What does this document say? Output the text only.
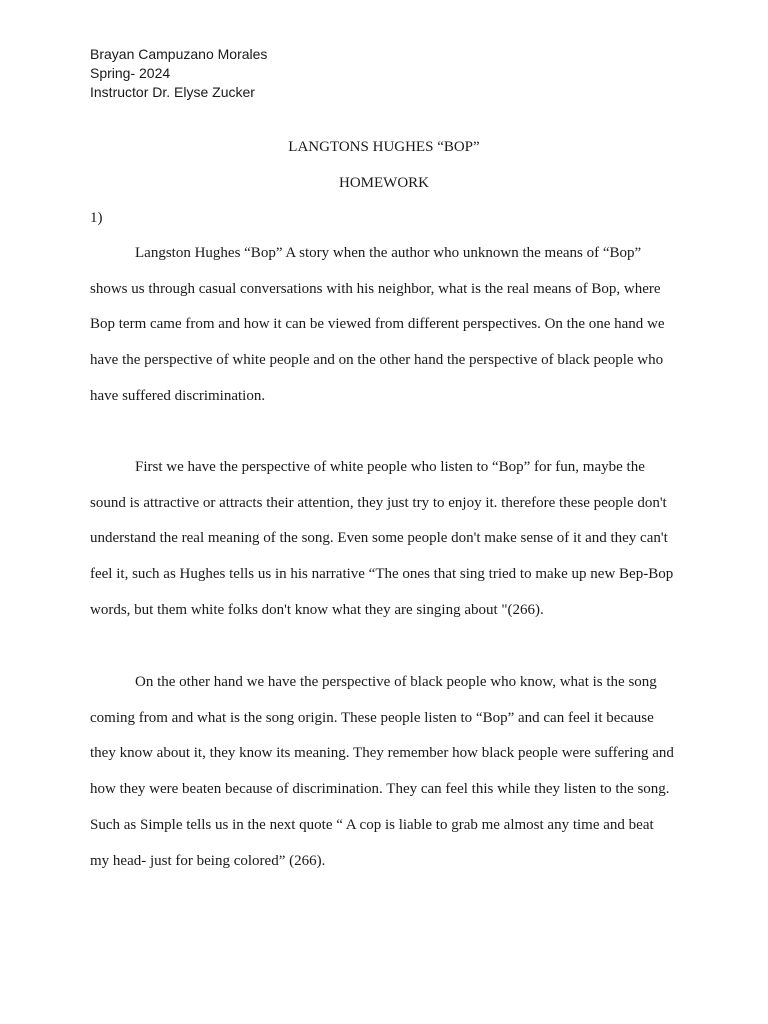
Brayan Campuzano Morales
Spring- 2024
Instructor Dr. Elyse Zucker
LANGTONS HUGHES “BOP”
HOMEWORK
1)
Langston Hughes “Bop” A story when the author who unknown the means of “Bop”
shows us through casual conversations with his neighbor, what is the real means of Bop, where
Bop term came from and how it can be viewed from different perspectives. On the one hand we
have the perspective of white people and on the other hand the perspective of black people who
have suffered discrimination.
First we have the perspective of white people who listen to “Bop” for fun, maybe the
sound is attractive or attracts their attention, they just try to enjoy it. therefore these people don't
understand the real meaning of the song. Even some people don't make sense of it and they can't
feel it, such as Hughes tells us in his narrative “The ones that sing tried to make up new Bep-Bop
words, but them white folks don't know what they are singing about "(266).
On the other hand we have the perspective of black people who know, what is the song
coming from and what is the song origin. These people listen to “Bop” and can feel it because
they know about it, they know its meaning. They remember how black people were suffering and
how they were beaten because of discrimination. They can feel this while they listen to the song.
Such as Simple tells us in the next quote “ A cop is liable to grab me almost any time and beat
my head- just for being colored” (266).
